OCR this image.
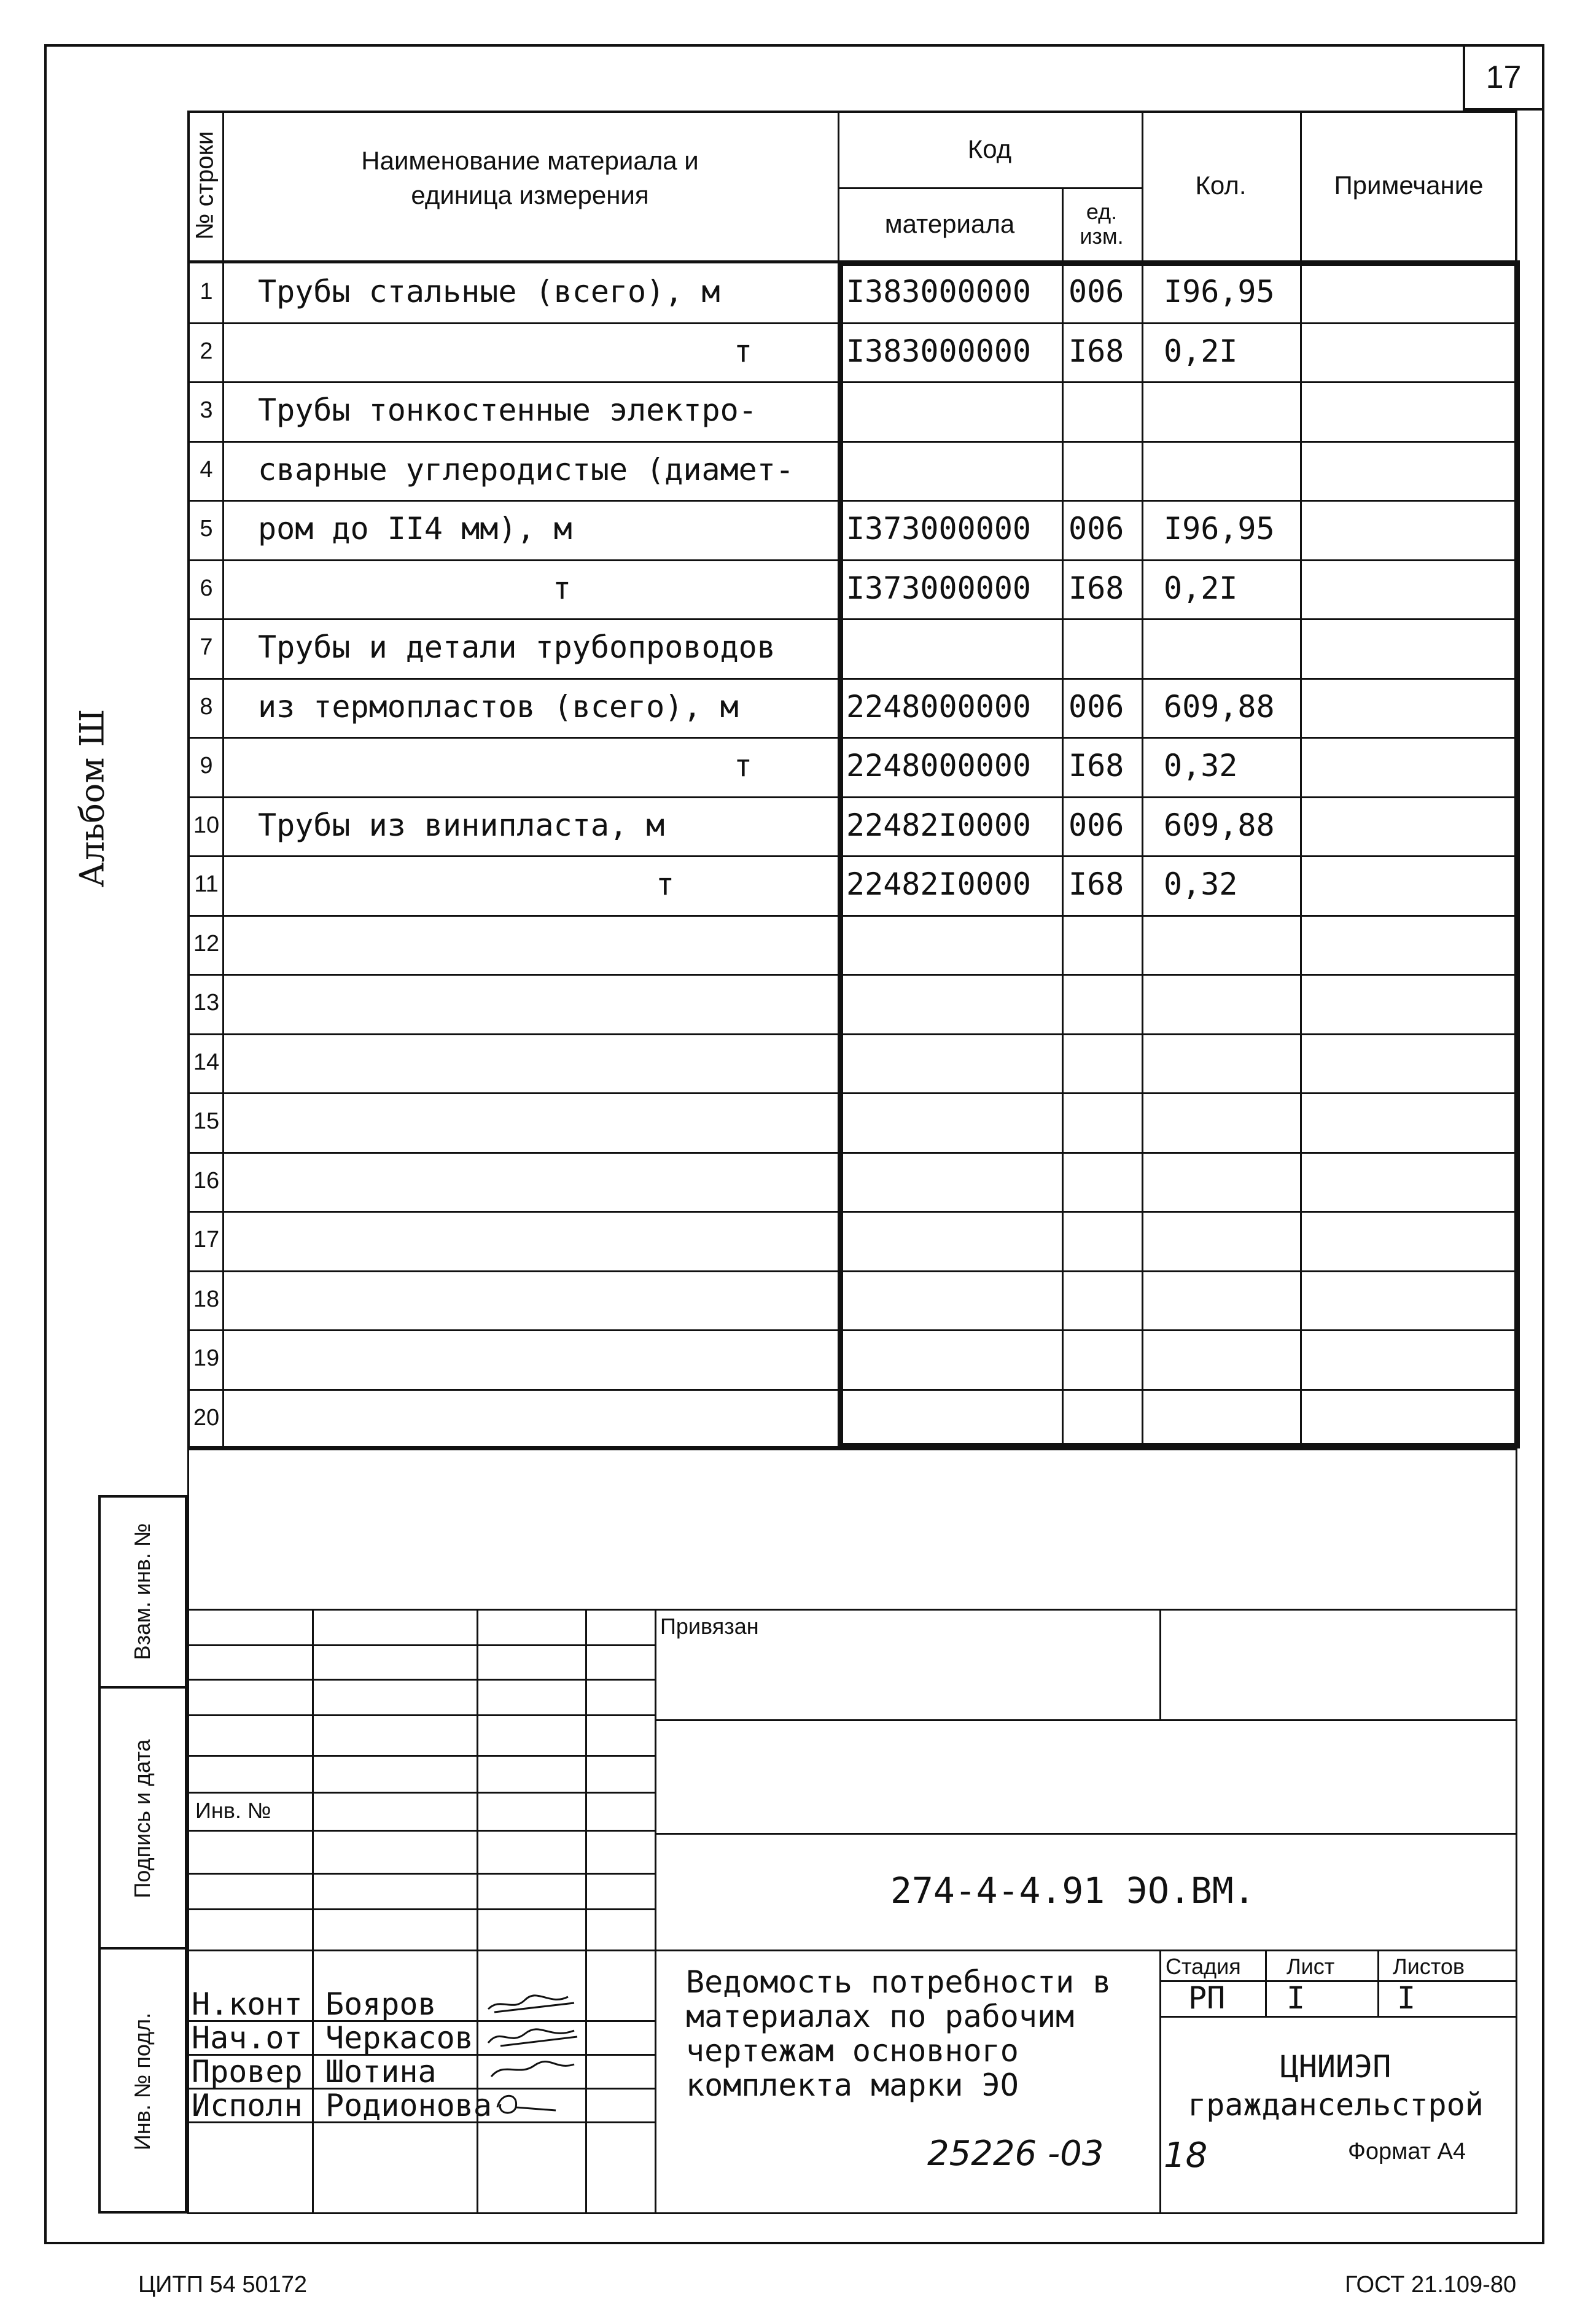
17
Альбом Ш
№ строки	Наименование материала и
единица измерения
Код
материала	ед.
изм.
Кол.	Примечание
1	Трубы стальные (всего), м	I383000000 006 I96,95
2	т	I383000000 I68 0,2I
3	Трубы тонкостенные электро-
4	сварные углеродистые (диамет-
5	ром до II4 мм), м	I373000000 006 I96,95
6	т	I373000000 I68 0,2I
7	Трубы и детали трубопроводов
8	из термопластов (всего), м	2248000000 006 609,88
9	т	2248000000 I68 0,32
10 Трубы из винипласта, м	22482I0000 006 609,88
11	т	22482I0000 I68 0,32
12
13
14
15
16
17
18
19
20
Взам. инв. №
Подпись и дата
Инв. № подл.
Привязан
Инв. №
274-4-4.91 ЭО.ВМ.
Ведомость потребности в
материалах по рабочим
чертежам основного
комплекта марки ЭО
Стадия Лист	Листов
РП I	I
ЦНИИЭП
граждансельстрой
Н.конт Бояров
Нач.от Черкасов
Провер Шотина
Исполн Родионова
25226 -03 18	Формат А4
ЦИТП 54 50172	ГОСТ 21.109-80
